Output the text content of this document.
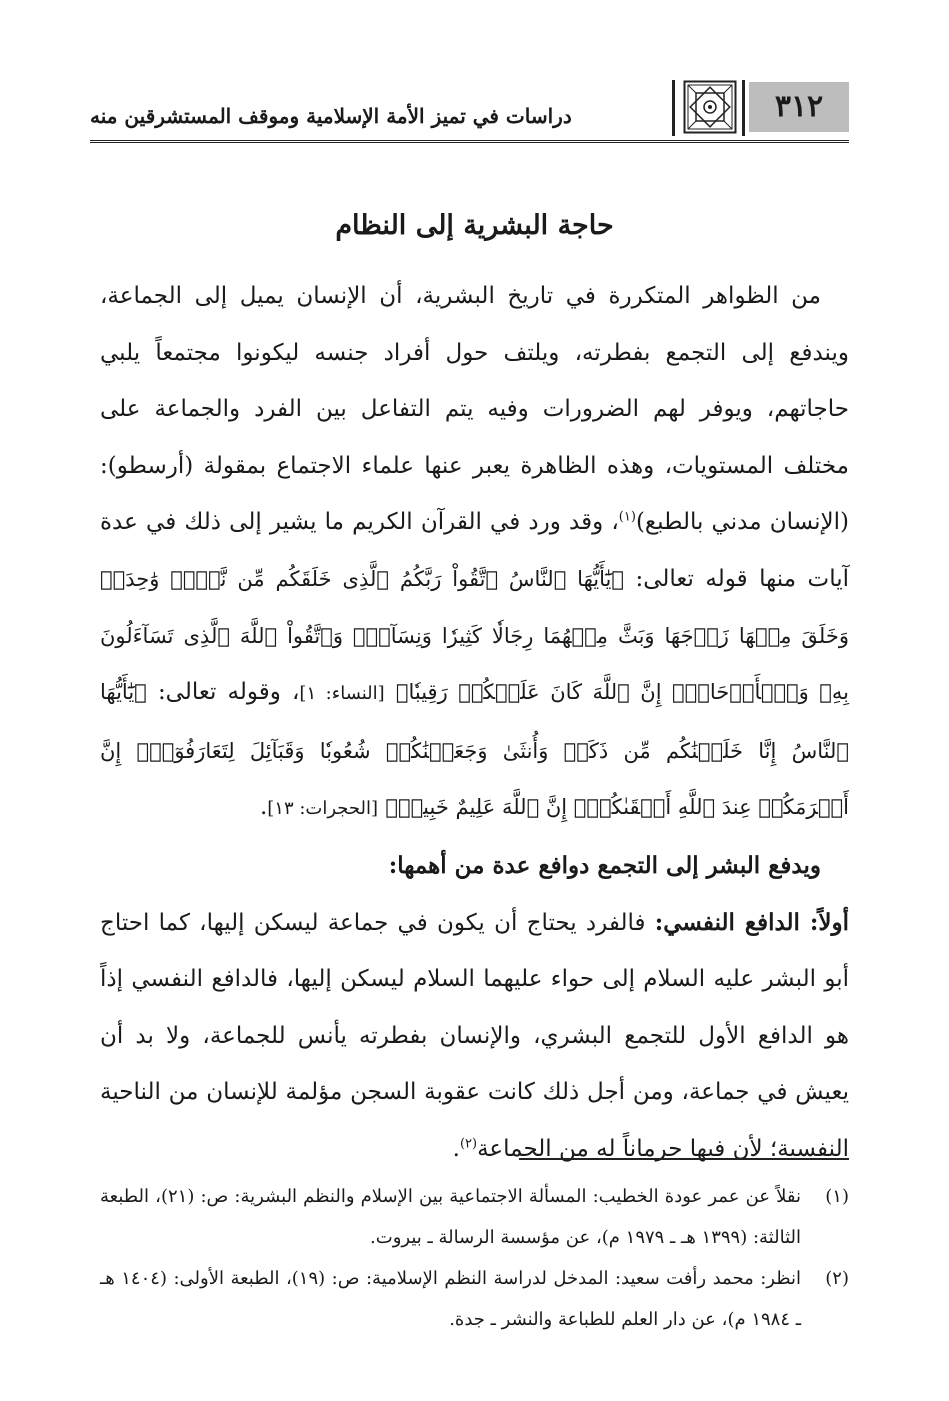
٣١٢
دراسات في تميز الأمة الإسلامية وموقف المستشرقين منه
حاجة البشرية إلى النظام

من الظواهر المتكررة في تاريخ البشرية، أن الإنسان يميل إلى الجماعة، ويندفع إلى التجمع بفطرته، ويلتف حول أفراد جنسه ليكونوا مجتمعاً يلبي حاجاتهم، ويوفر لهم الضرورات وفيه يتم التفاعل بين الفرد والجماعة على مختلف المستويات، وهذه الظاهرة يعبر عنها علماء الاجتماع بمقولة (أرسطو): (الإنسان مدني بالطبع)$^{(١)}$، وقد ورد في القرآن الكريم ما يشير إلى ذلك في عدة آيات منها قوله تعالى: ﴿يَٰٓأَيُّهَا ٱلنَّاسُ ٱتَّقُواْ رَبَّكُمُ ٱلَّذِى خَلَقَكُم مِّن نَّفۡسٖ وَٰحِدَةٖ وَخَلَقَ مِنۡهَا زَوۡجَهَا وَبَثَّ مِنۡهُمَا رِجَالٗا كَثِيرٗا وَنِسَآءٗۚ وَٱتَّقُواْ ٱللَّهَ ٱلَّذِى تَسَآءَلُونَ بِهِۦ وَٱلۡأَرۡحَامَۚ إِنَّ ٱللَّهَ كَانَ عَلَيۡكُمۡ رَقِيبٗا﴾ [النساء: ١]، وقوله تعالى: ﴿يَٰٓأَيُّهَا ٱلنَّاسُ إِنَّا خَلَقۡنَٰكُم مِّن ذَكَرٖ وَأُنثَىٰ وَجَعَلۡنَٰكُمۡ شُعُوبٗا وَقَبَآئِلَ لِتَعَارَفُوٓاْۚ إِنَّ أَكۡرَمَكُمۡ عِندَ ٱللَّهِ أَتۡقَىٰكُمۡۚ إِنَّ ٱللَّهَ عَلِيمٌ خَبِيرٞ﴾ [الحجرات: ١٣].

ويدفع البشر إلى التجمع دوافع عدة من أهمها:

أولاً: الدافع النفسي: فالفرد يحتاج أن يكون في جماعة ليسكن إليها، كما احتاج أبو البشر عليه السلام إلى حواء عليهما السلام ليسكن إليها، فالدافع النفسي إذاً هو الدافع الأول للتجمع البشري، والإنسان بفطرته يأنس للجماعة، ولا بد أن يعيش في جماعة، ومن أجل ذلك كانت عقوبة السجن مؤلمة للإنسان من الناحية النفسية؛ لأن فيها حرماناً له من الجماعة$^{(٢)}$.

(١)
نقلاً عن عمر عودة الخطيب: المسألة الاجتماعية بين الإسلام والنظم البشرية: ص: (٢١)، الطبعة الثالثة: (١٣٩٩ هـ ـ ١٩٧٩ م)، عن مؤسسة الرسالة ـ بيروت.
(٢)
انظر: محمد رأفت سعيد: المدخل لدراسة النظم الإسلامية: ص: (١٩)، الطبعة الأولى: (١٤٠٤ هـ ـ ١٩٨٤ م)، عن دار العلم للطباعة والنشر ـ جدة.
